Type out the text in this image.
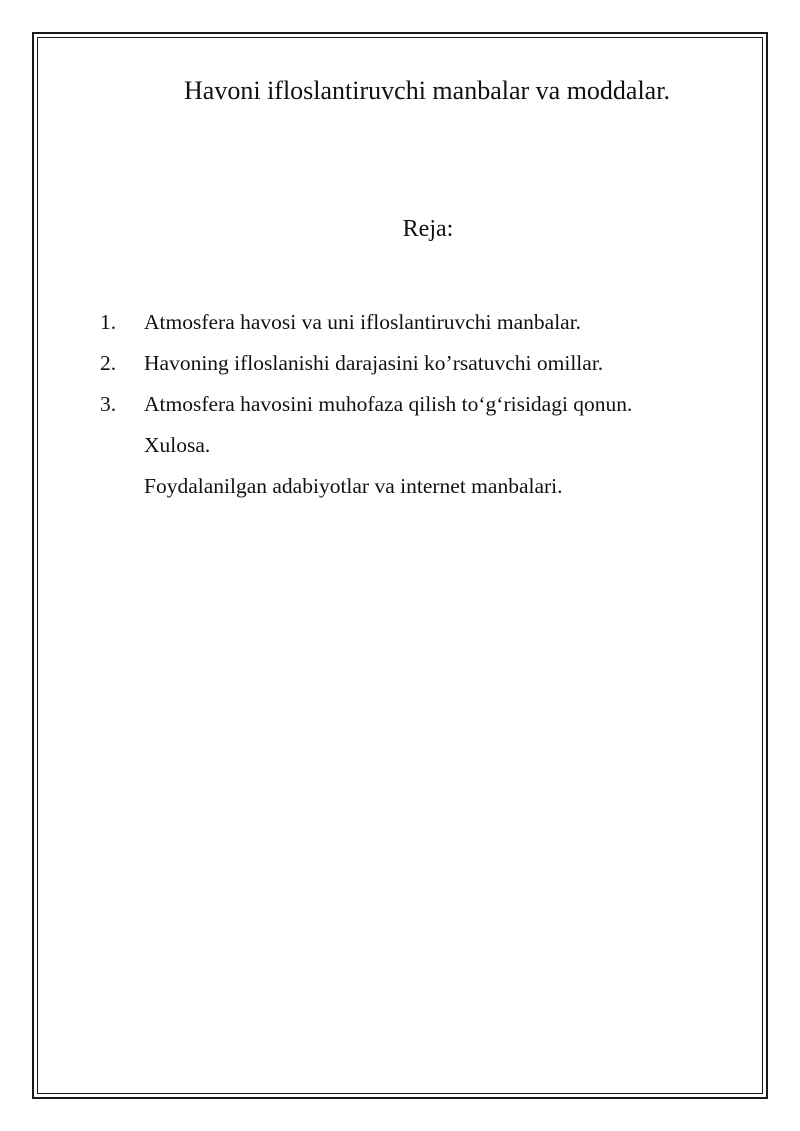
Havoni ifloslantiruvchi manbalar va moddalar.
Reja:
1.	Atmosfera havosi va uni ifloslantiruvchi manbalar.
2.	Havoning ifloslanishi darajasini ko’rsatuvchi omillar.
3.	Atmosfera havosini muhofaza qilish to‘g‘risidagi qonun.
Xulosa.
Foydalanilgan adabiyotlar va internet manbalari.
